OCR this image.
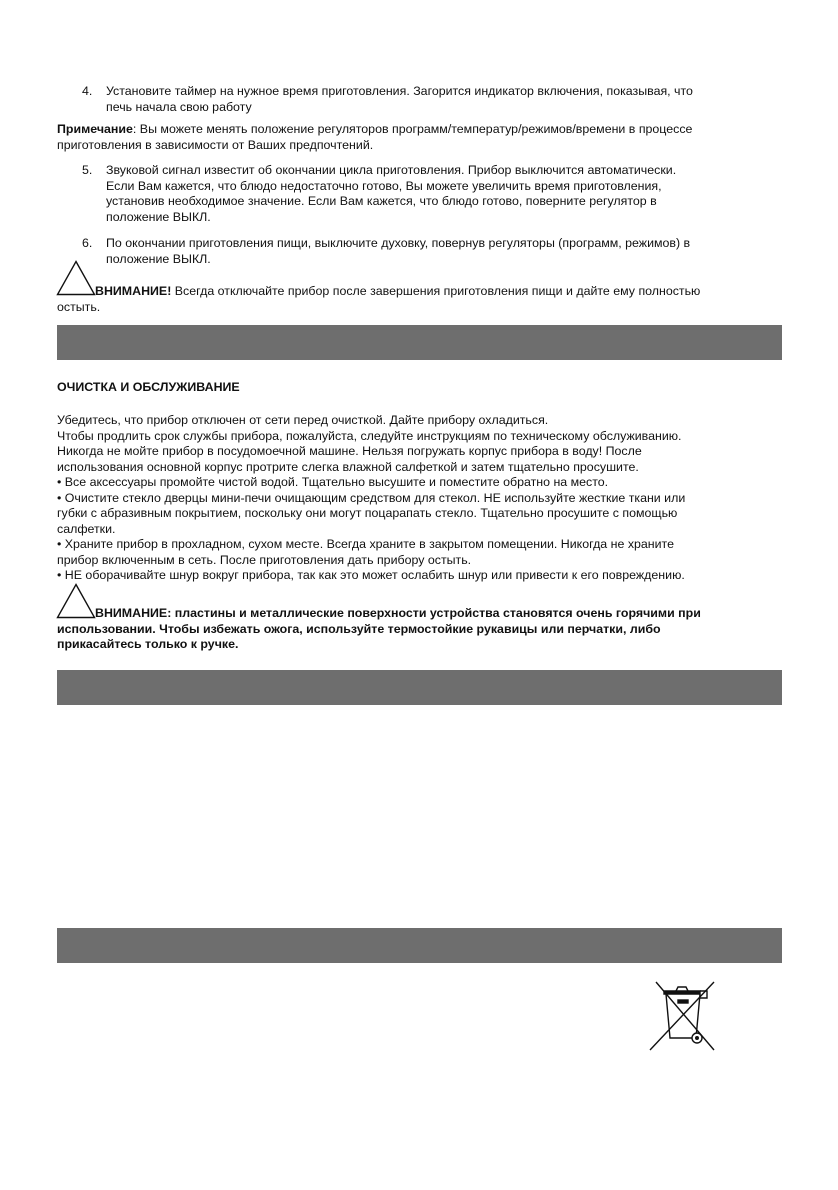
4.	Установите таймер на нужное время приготовления. Загорится индикатор включения, показывая, что
печь начала свою работу
Примечание: Вы можете менять положение регуляторов программ/температур/режимов/времени в процессе
приготовления в зависимости от Ваших предпочтений.
5.	Звуковой сигнал известит об окончании цикла приготовления. Прибор выключится автоматически.
Если Вам кажется, что блюдо недостаточно готово, Вы можете увеличить время приготовления,
установив необходимое значение. Если Вам кажется, что блюдо готово, поверните регулятор в
положение ВЫКЛ.
6.	По окончании приготовления пищи, выключите духовку, повернув регуляторы (программ, режимов) в
положение ВЫКЛ.
ВНИМАНИЕ! Всегда отключайте прибор после завершения приготовления пищи и дайте ему полностью
остыть.
ОЧИСТКА И ОБСЛУЖИВАНИЕ
Убедитесь, что прибор отключен от сети перед очисткой. Дайте прибору охладиться.
Чтобы продлить срок службы прибора, пожалуйста, следуйте инструкциям по техническому обслуживанию.
Никогда не мойте прибор в посудомоечной машине. Нельзя погружать корпус прибора в воду! После
использования основной корпус протрите слегка влажной салфеткой и затем тщательно просушите.
• Все аксессуары промойте чистой водой. Тщательно высушите и поместите обратно на место.
• Очистите стекло дверцы мини-печи очищающим средством для стекол. НЕ используйте жесткие ткани или
губки с абразивным покрытием, поскольку они могут поцарапать стекло. Тщательно просушите с помощью
салфетки.
• Храните прибор в прохладном, сухом месте. Всегда храните в закрытом помещении. Никогда не храните
прибор включенным в сеть. После приготовления дать прибору остыть.
• НЕ оборачивайте шнур вокруг прибора, так как это может ослабить шнур или привести к его повреждению.
ВНИМАНИЕ: пластины и металлические поверхности устройства становятся очень горячими при
использовании. Чтобы избежать ожога, используйте термостойкие рукавицы или перчатки, либо
прикасайтесь только к ручке.
